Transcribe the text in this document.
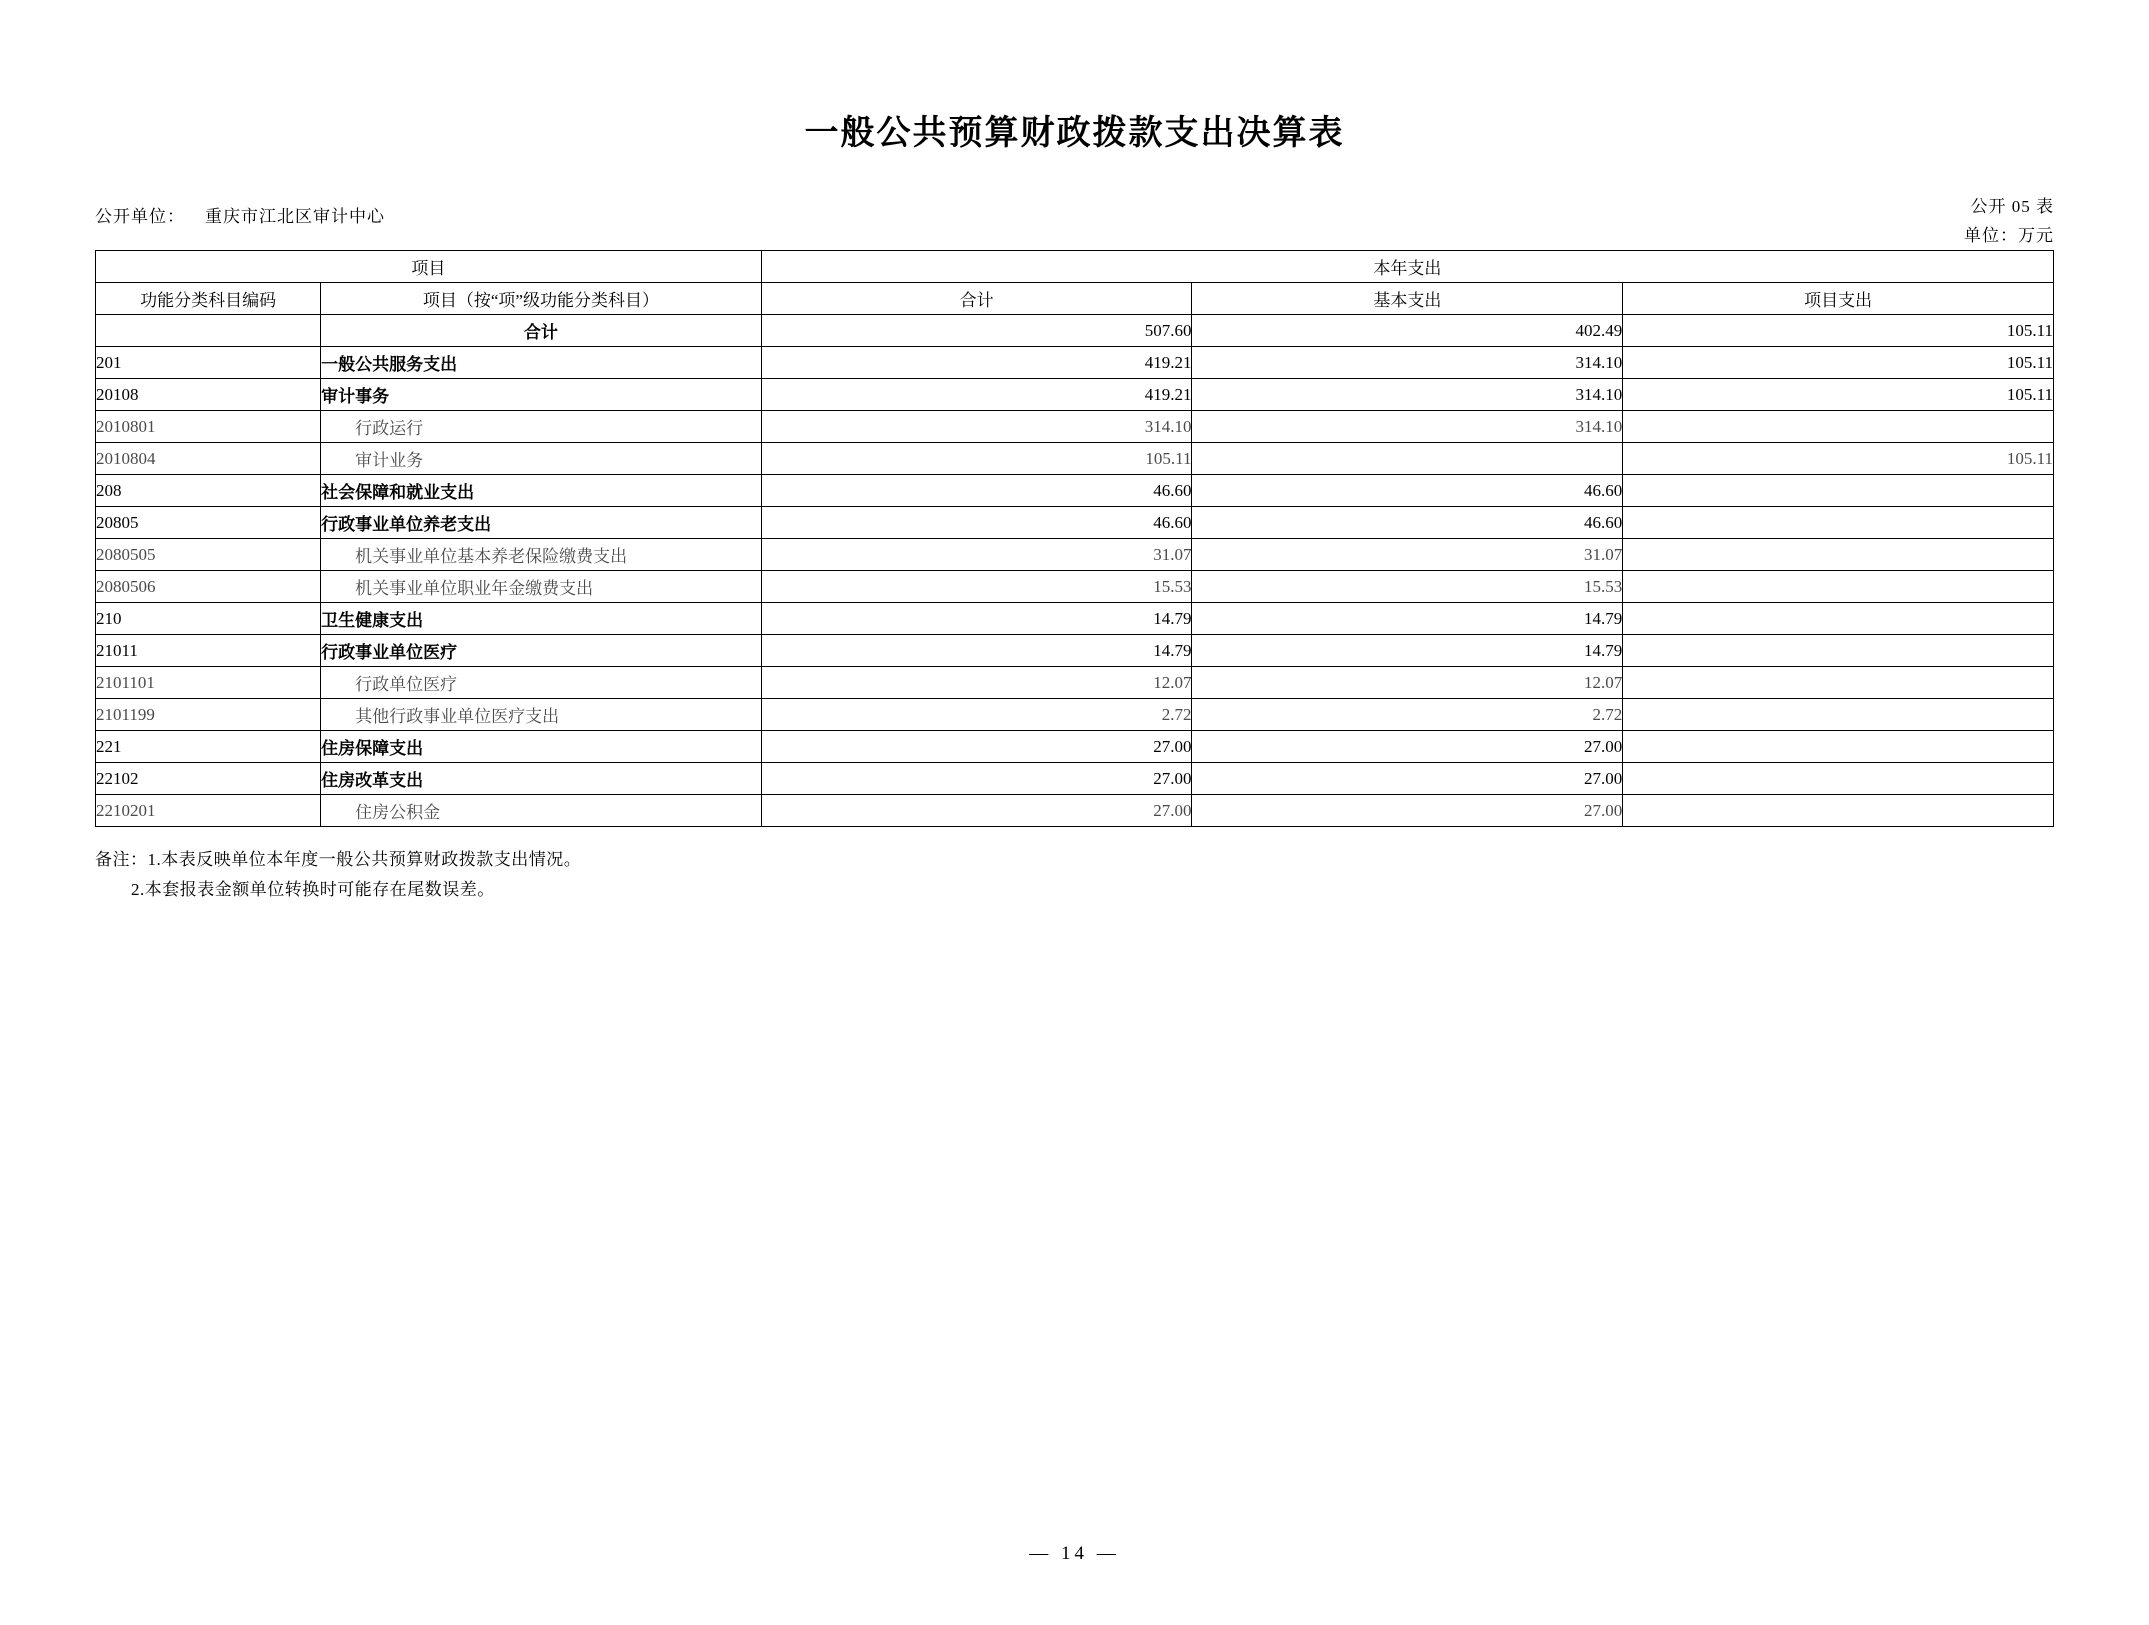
一般公共预算财政拨款支出决算表
公开单位： 重庆市江北区审计中心
公开 05 表
单位：万元
项目		本年支出		
功能分类科目编码	项目（按“项”级功能分类科目）	合计	基本支出	项目支出
	合计	507.60	402.49	105.11
201	一般公共服务支出	419.21	314.10	105.11
20108	审计事务	419.21	314.10	105.11
2010801	行政运行	314.10	314.10	
2010804	审计业务	105.11		105.11
208	社会保障和就业支出	46.60	46.60	
20805	行政事业单位养老支出	46.60	46.60	
2080505	机关事业单位基本养老保险缴费支出	31.07	31.07	
2080506	机关事业单位职业年金缴费支出	15.53	15.53	
210	卫生健康支出	14.79	14.79	
21011	行政事业单位医疗	14.79	14.79	
2101101	行政单位医疗	12.07	12.07	
2101199	其他行政事业单位医疗支出	2.72	2.72	
221	住房保障支出	27.00	27.00	
22102	住房改革支出	27.00	27.00	
2210201	住房公积金	27.00	27.00	
备注：1.本表反映单位本年度一般公共预算财政拨款支出情况。
2.本套报表金额单位转换时可能存在尾数误差。
— 14 —
